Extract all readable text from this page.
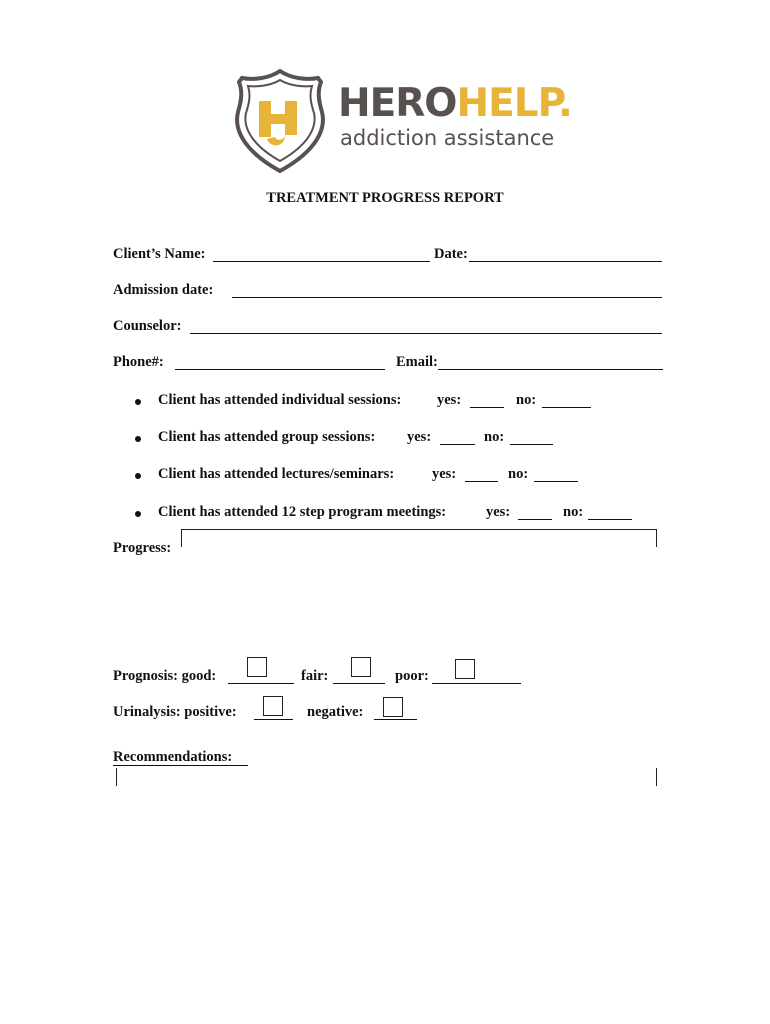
HEROHELP.
addiction assistance
TREATMENT PROGRESS REPORT
Client’s Name:	Date:
Admission date:
Counselor:
Phone#:	Email:
Client has attended individual sessions: yes:	no:
Client has attended group sessions: yes:	no:
Client has attended lectures/seminars:	yes:	no:
Client has attended 12 step program meetings:	yes:	no:
Progress:
Prognosis: good:	fair:	poor:
Urinalysis: positive:	negative:
Recommendations:
